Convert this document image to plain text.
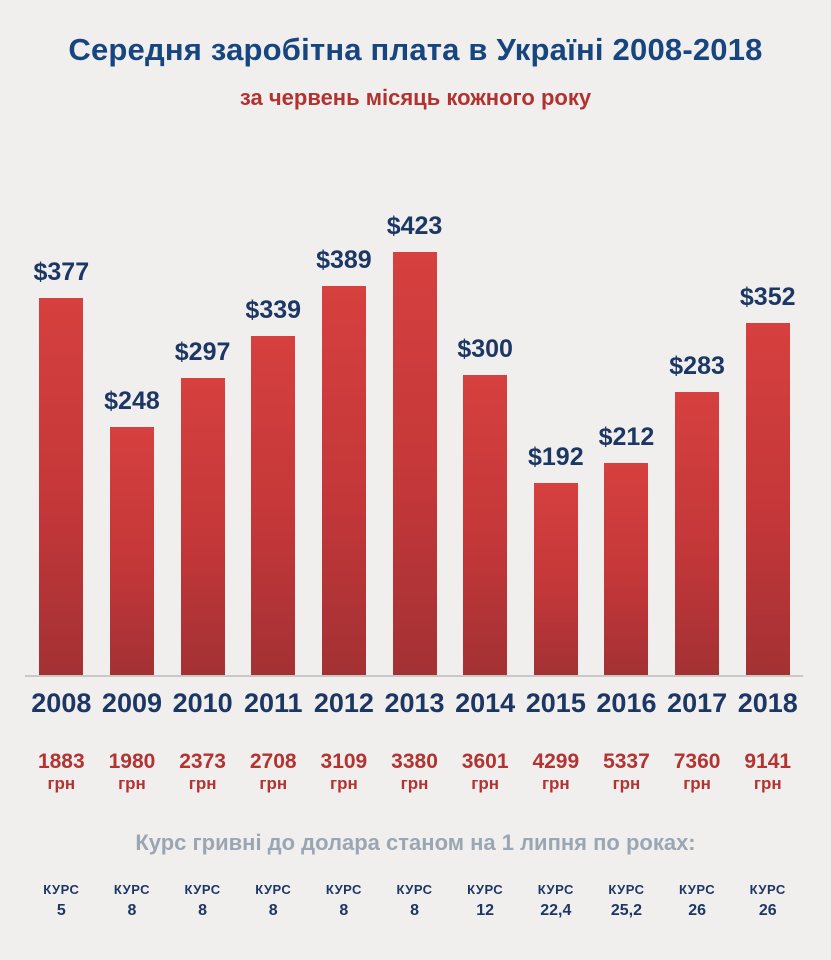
Середня заробітна плата в Україні 2008-2018
за червень місяць кожного року
$377
$248
$297
$339
$389
$423
$300
$192
$212
$283
$352
2008 2009 2010 2011 2012 2013 2014 2015 2016 2017 2018
1883
грн
1980
грн
2373
грн
2708
грн
3109
грн
3380
грн
3601
грн
4299
грн
5337
грн
7360
грн
9141
грн
Курс гривні до долара станом на 1 липня по роках:
КУРС
5
КУРС
8
КУРС
8
КУРС
8
КУРС
8
КУРС
8
КУРС
12
КУРС
22,4
КУРС
25,2
КУРС
26
КУРС
26
